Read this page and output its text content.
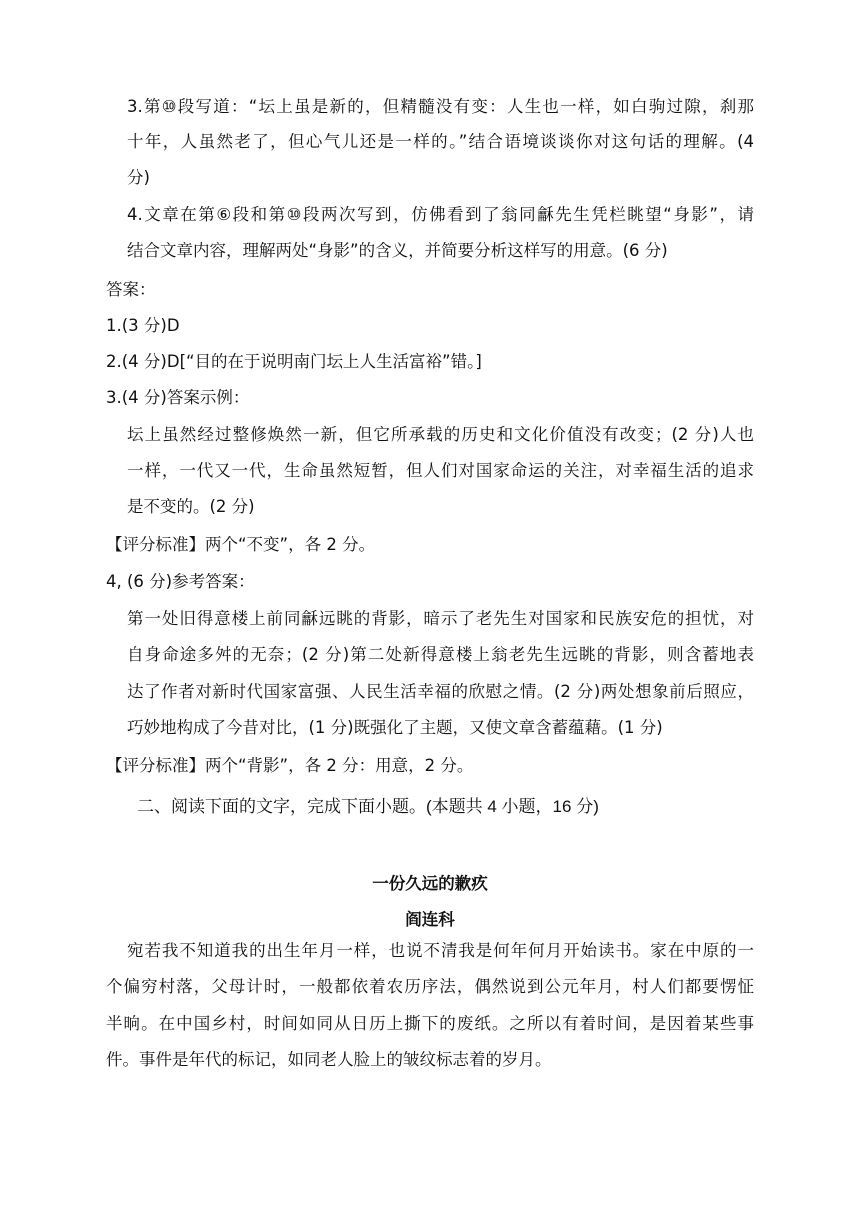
3.第⑩段写道：“坛上虽是新的，但精髓没有变：人生也一样，如白驹过隙，刹那
十年，人虽然老了，但心气儿还是一样的。”结合语境谈谈你对这句话的理解。(4
分)
4.文章在第⑥段和第⑩段两次写到，仿佛看到了翁同龢先生凭栏眺望“身影”，请
结合文章内容，理解两处“身影”的含义，并简要分析这样写的用意。(6 分)
答案：
1.(3 分)D
2.(4 分)D[“目的在于说明南门坛上人生活富裕”错。]
3.(4 分)答案示例：
坛上虽然经过整修焕然一新，但它所承载的历史和文化价值没有改变；(2 分)人也
一样，一代又一代，生命虽然短暂，但人们对国家命运的关注，对幸福生活的追求
是不变的。(2 分)
【评分标准】两个“不变”，各 2 分。
4, (6 分)参考答案：
第一处旧得意楼上前同龢远眺的背影，暗示了老先生对国家和民族安危的担忧，对
自身命途多舛的无奈；(2 分)第二处新得意楼上翁老先生远眺的背影，则含蓄地表
达了作者对新时代国家富强、人民生活幸福的欣慰之情。(2 分)两处想象前后照应，
巧妙地构成了今昔对比，(1 分)既强化了主题，又使文章含蓄蕴藉。(1 分)
【评分标准】两个“背影”，各 2 分：用意，2 分。
二、阅读下面的文字，完成下面小题。(本题共 4 小题，16 分)
一份久远的歉疚
阎连科
宛若我不知道我的出生年月一样，也说不清我是何年何月开始读书。家在中原的一
个偏穷村落，父母计时，一般都依着农历序法，偶然说到公元年月，村人们都要愣怔
半晌。在中国乡村，时间如同从日历上撕下的废纸。之所以有着时间，是因着某些事
件。事件是年代的标记，如同老人脸上的皱纹标志着的岁月。
